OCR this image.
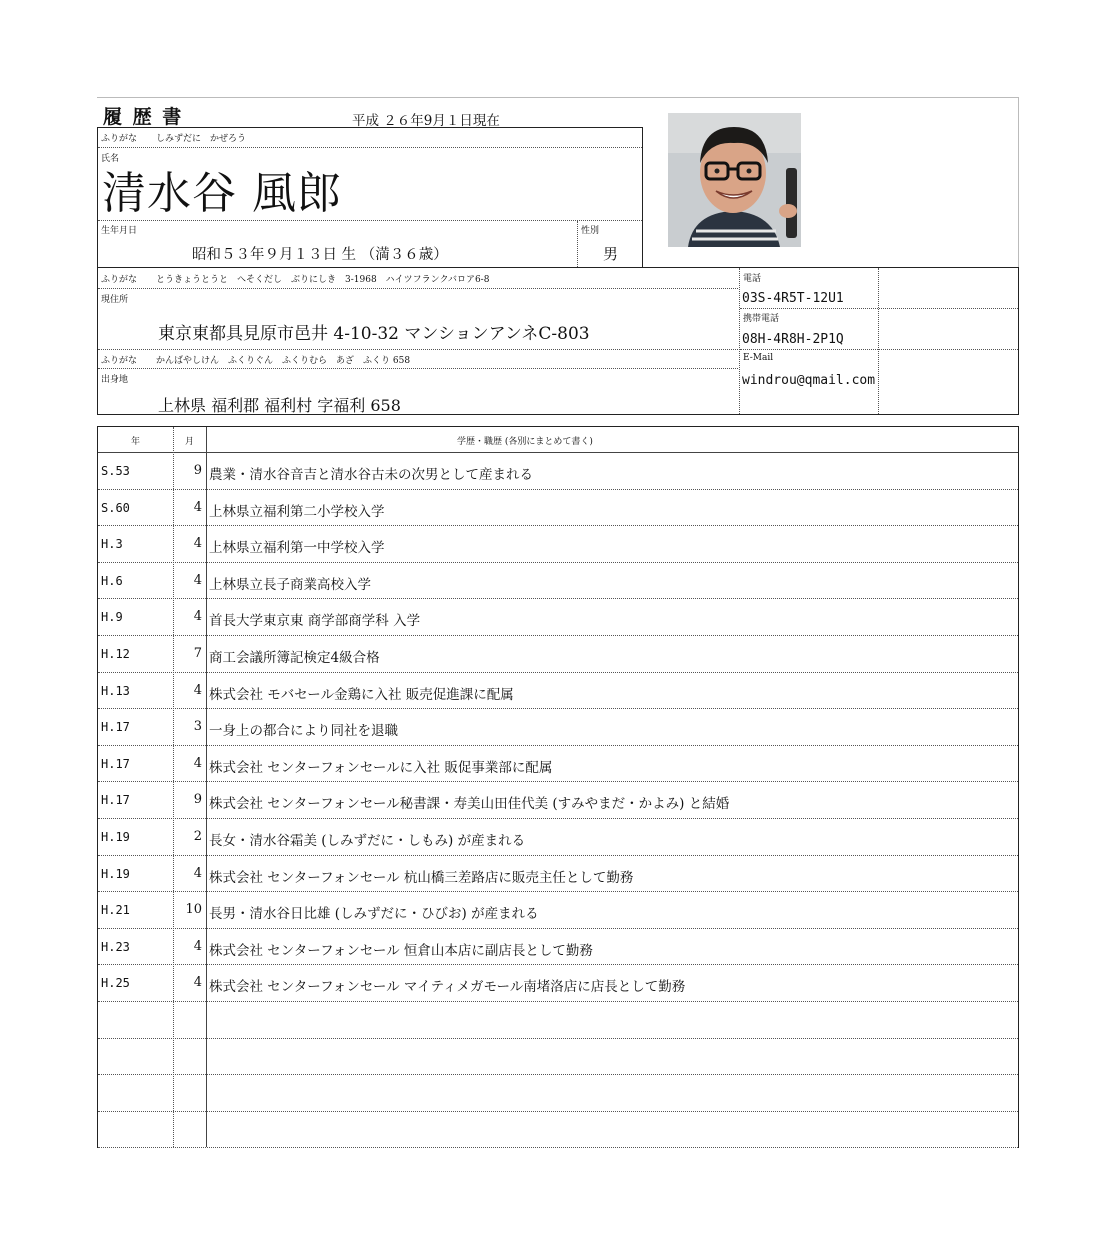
履 歴 書	平成 ２６年9月１日現在
ふりがな しみずだに　かぜろう
氏名
清水谷 風郎
生年月日
昭和５３年９月１３日 生 （満３６歳）
性別
男
ふりがな とうきょうとうと　へそくだし　ぶりにしき　3-1968　ハイツフランクバロア6-8
現住所
東京東都具見原市邑井 4-10-32 マンションアンネC-803
ふりがな かんばやしけん　ふくりぐん　ふくりむら　あざ　ふくり 658
出身地
上林県 福利郡 福利村 字福利 658
電話
03S-4R5T-12U1
携帯電話
08H-4R8H-2P1Q
E-Mail
windrou@qmail.com
年	月	学歴・職歴 (各別にまとめて書く)
S.53	9 農業・清水谷音吉と清水谷古未の次男として産まれる
S.60	4 上林県立福利第二小学校入学
H.3	4 上林県立福利第一中学校入学
H.6	4 上林県立長子商業高校入学
H.9	4 首長大学東京東 商学部商学科 入学
H.12	7 商工会議所簿記検定4級合格
H.13	4 株式会社 モバセール金鶏に入社 販売促進課に配属
H.17	3 一身上の都合により同社を退職
H.17	4 株式会社 センターフォンセールに入社 販促事業部に配属
H.17	9 株式会社 センターフォンセール秘書課・寿美山田佳代美 (すみやまだ・かよみ) と結婚
H.19	2 長女・清水谷霜美 (しみずだに・しもみ) が産まれる
H.19	4 株式会社 センターフォンセール 杭山橋三差路店に販売主任として勤務
H.21	10 長男・清水谷日比雄 (しみずだに・ひびお) が産まれる
H.23	4 株式会社 センターフォンセール 恒倉山本店に副店長として勤務
H.25	4 株式会社 センターフォンセール マイティメガモール南堵洛店に店長として勤務
